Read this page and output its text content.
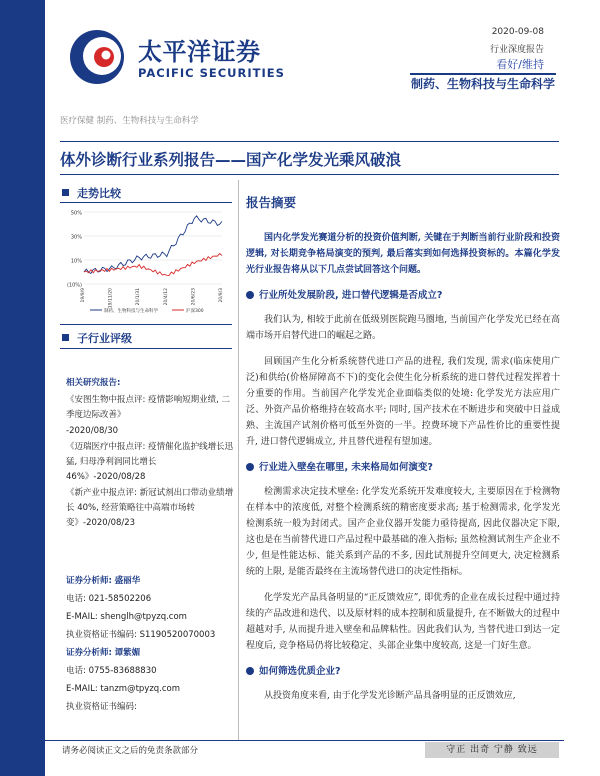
太平洋证券
PACIFIC SECURITIES
2020-09-08
行业深度报告
看好/维持
制药、生物科技与生命科学
医疗保健 制药、生物科技与生命科学
体外诊断行业系列报告——国产化学发光乘风破浪
走势比较
50%
30%
10%
(10%)
19/9/9	19/11/20	20/1/31	20/4/12	20/6/23	20/9/3
制药、生物科技与生命科学	沪深300
子行业评级
相关研究报告:
《安图生物中报点评: 疫情影响短期业绩, 二季度边际改善》
-2020/08/30
《迈瑞医疗中报点评: 疫情催化监护线增长迅猛, 归母净利润同比增长 46%》-2020/08/28
《新产业中报点评: 新冠试剂出口带动业绩增长 40%, 经营策略往中高端市场转变》-2020/08/23
证券分析师: 盛丽华
电话: 021-58502206
E-MAIL: shenglh@tpyzq.com
执业资格证书编码: S1190520070003
证券分析师: 谭紫媚
电话: 0755-83688830
E-MAIL: tanzm@tpyzq.com
执业资格证书编码:
报告摘要

国内化学发光赛道分析的投资价值判断, 关键在于判断当前行业阶段和投资逻辑, 对长期竞争格局演变的预判, 最后落实到如何选择投资标的。本篇化学发光行业报告将从以下几点尝试回答这个问题。

行业所处发展阶段, 进口替代逻辑是否成立?

我们认为, 相较于此前在低级别医院跑马圈地, 当前国产化学发光已经在高端市场开启替代进口的崛起之路。

回顾国产生化分析系统替代进口产品的进程, 我们发现, 需求(临床使用广泛)和供给(价格屏障高不下)的变化会使生化分析系统的进口替代过程发挥着十分重要的作用。当前国产化学发光企业面临类似的处境: 化学发光方法应用广泛、外资产品价格维持在较高水平; 同时, 国产技术在不断进步和突破中日益成熟、主流国产试剂价格可低至外资的一半。控费环境下产品性价比的重要性提升, 进口替代逻辑成立, 并且替代进程有望加速。

行业进入壁垒在哪里, 未来格局如何演变?

检测需求决定技术壁垒: 化学发光系统开发难度较大, 主要原因在于检测物在样本中的浓度低, 对整个检测系统的精密度要求高; 基于检测需求, 化学发光检测系统一般为封闭式。国产企业仪器开发能力亟待提高, 因此仪器决定下限, 这也是在当前替代进口产品过程中最基础的准入指标; 虽然检测试剂生产企业不少, 但是性能达标、能关系到产品的不多, 因此试剂提升空间更大, 决定检测系统的上限, 是能否最终在主流场替代进口的决定性指标。

化学发光产品具备明显的“正反馈效应”, 即优秀的企业在成长过程中通过持续的产品改进和迭代、以及原材料的成本控制和质量提升, 在不断做大的过程中超越对手, 从而提升进入壁垒和品牌粘性。因此我们认为, 当替代进口到达一定程度后, 竞争格局仍将比较稳定、头部企业集中度较高, 这是一门好生意。

如何筛选优质企业?

从投资角度来看, 由于化学发光诊断产品具备明显的正反馈效应,

请务必阅读正文之后的免责条款部分	守正 出奇 宁静 致远
